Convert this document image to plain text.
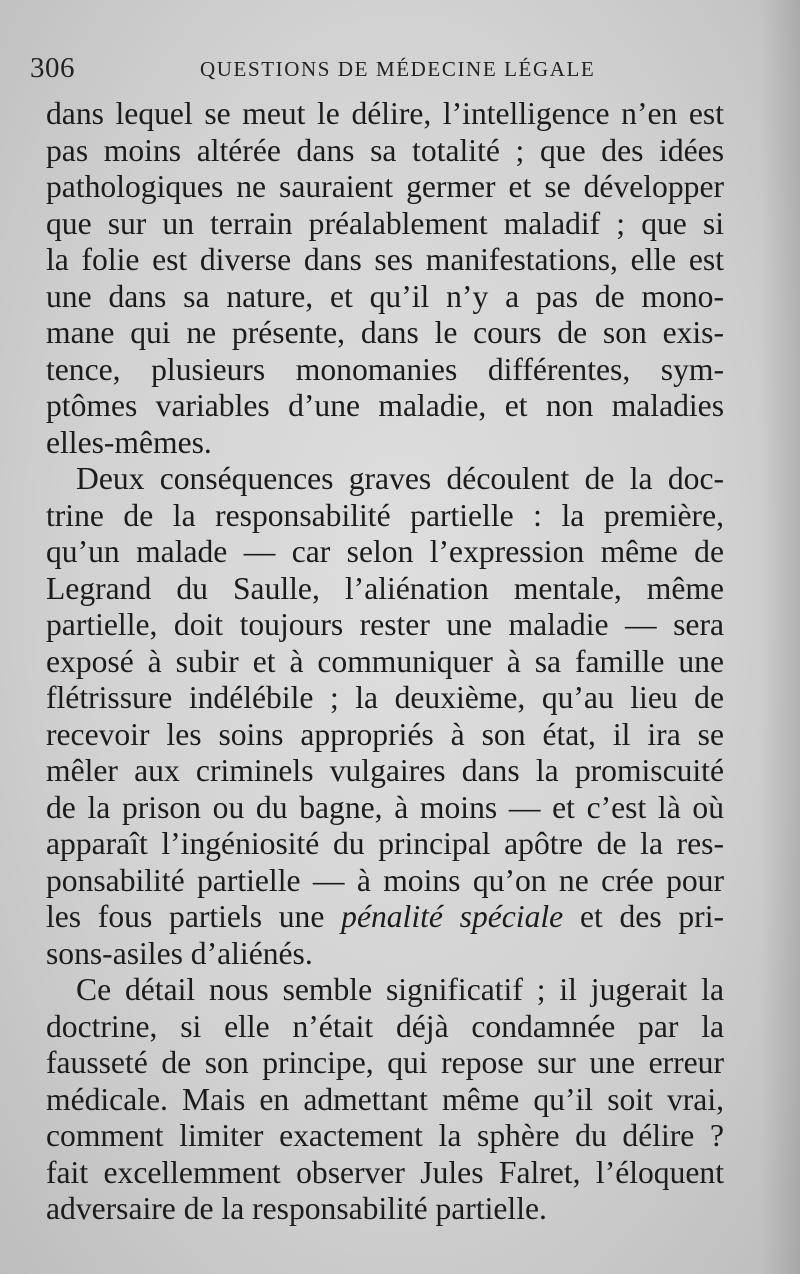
306	QUESTIONS DE MÉDECINE LÉGALE
dans lequel se meut le délire, l’intelligence n’en est
pas moins altérée dans sa totalité ; que des idées
pathologiques ne sauraient germer et se développer
que sur un terrain préalablement maladif ; que si
la folie est diverse dans ses manifestations, elle est
une dans sa nature, et qu’il n’y a pas de mono-
mane qui ne présente, dans le cours de son exis-
tence, plusieurs monomanies différentes, sym-
ptômes variables d’une maladie, et non maladies
elles-mêmes.
Deux conséquences graves découlent de la doc-
trine de la responsabilité partielle : la première,
qu’un malade — car selon l’expression même de
Legrand du Saulle, l’aliénation mentale, même
partielle, doit toujours rester une maladie — sera
exposé à subir et à communiquer à sa famille une
flétrissure indélébile ; la deuxième, qu’au lieu de
recevoir les soins appropriés à son état, il ira se
mêler aux criminels vulgaires dans la promiscuité
de la prison ou du bagne, à moins — et c’est là où
apparaît l’ingéniosité du principal apôtre de la res-
ponsabilité partielle — à moins qu’on ne crée pour
les fous partiels une pénalité spéciale et des pri-
sons-asiles d’aliénés.
Ce détail nous semble significatif ; il jugerait la
doctrine, si elle n’était déjà condamnée par la
fausseté de son principe, qui repose sur une erreur
médicale. Mais en admettant même qu’il soit vrai,
comment limiter exactement la sphère du délire ?
fait excellemment observer Jules Falret, l’éloquent
adversaire de la responsabilité partielle.
